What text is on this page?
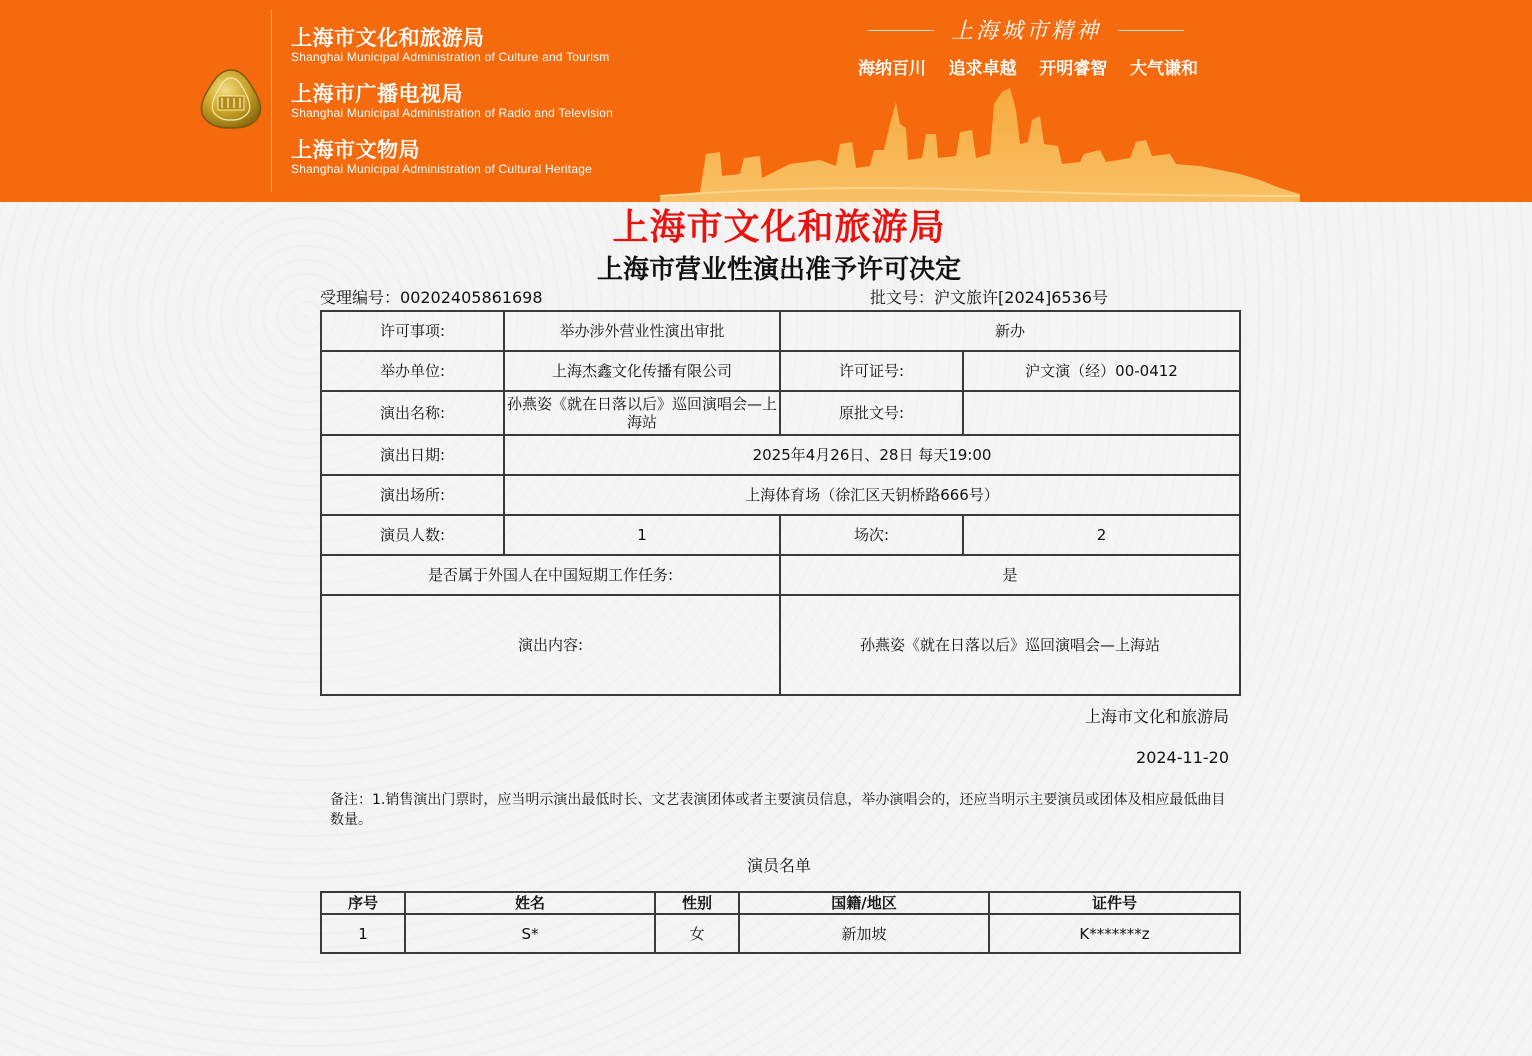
上海市文化和旅游局
Shanghai Municipal Administration of Culture and Tourism
上海市广播电视局
Shanghai Municipal Administration of Radio and Television
上海市文物局
Shanghai Municipal Administration of Cultural Heritage
上海城市精神
海纳百川 追求卓越 开明睿智 大气谦和
上海市文化和旅游局
上海市营业性演出准予许可决定
受理编号：00202405861698	批文号：沪文旅许[2024]6536号
许可事项:	举办涉外营业性演出审批	新办	
举办单位:	上海杰鑫文化传播有限公司	许可证号:	沪文演（经）00-0412
演出名称:	孙燕姿《就在日落以后》巡回演唱会—上海站	原批文号:	
演出日期:	2025年4月26日、28日 每天19:00		
演出场所:	上海体育场（徐汇区天钥桥路666号）		
演员人数:	1	场次:	2
是否属于外国人在中国短期工作任务:		是	
演出内容:		孙燕姿《就在日落以后》巡回演唱会—上海站	
上海市文化和旅游局
2024-11-20
备注：1.销售演出门票时，应当明示演出最低时长、文艺表演团体或者主要演员信息，举办演唱会的，还应当明示主要演员或团体及相应最低曲目数量。
演员名单
序号	姓名	性别	国籍/地区	证件号
1	S*	女	新加坡	K*******z
